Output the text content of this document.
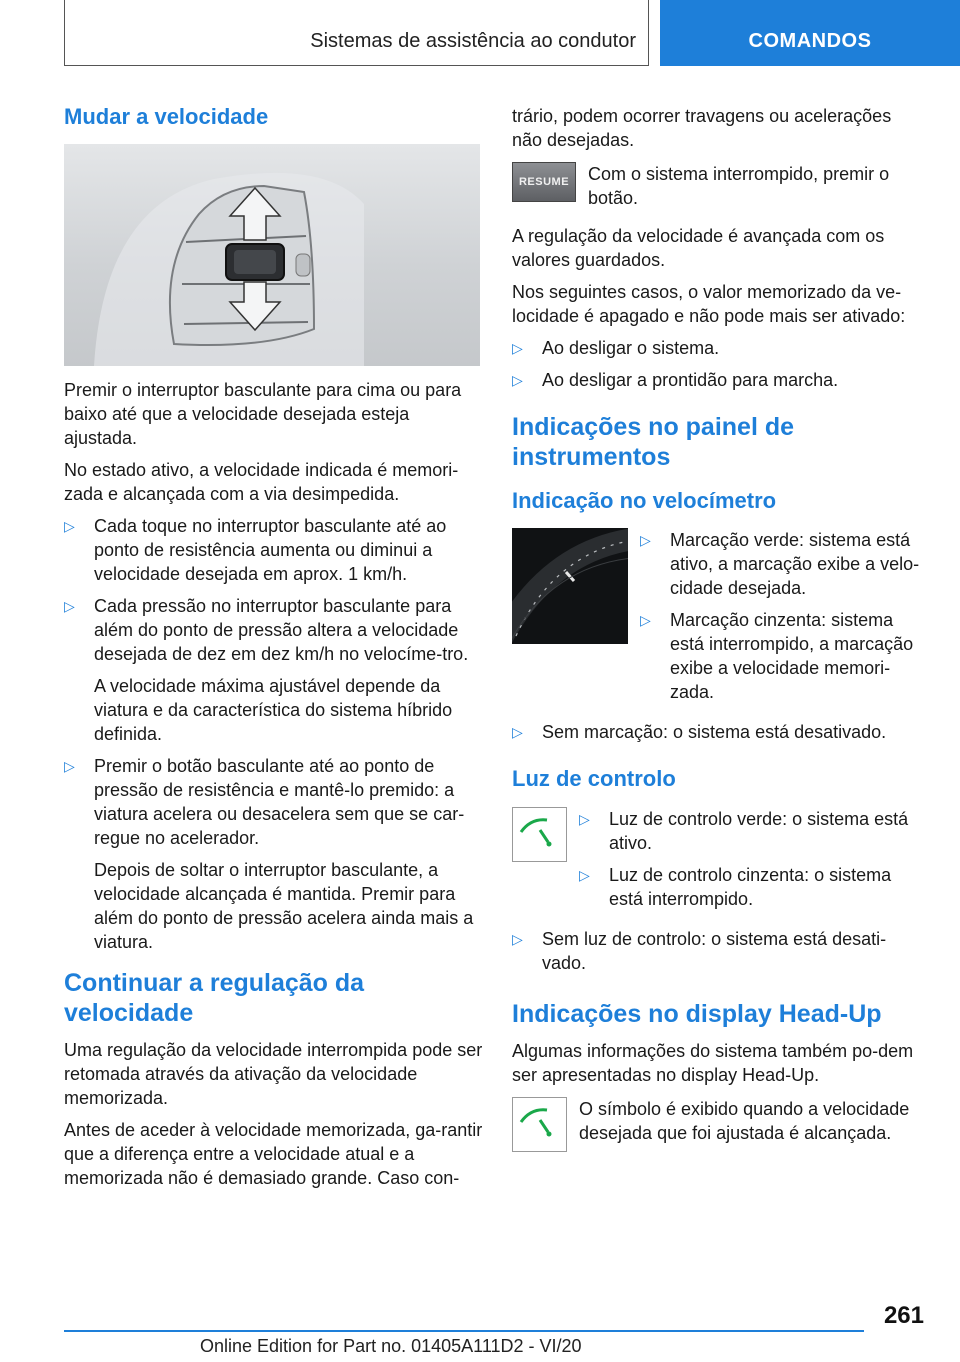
Sistemas de assistência ao condutor	COMANDOS
Mudar a velocidade

Premir o interruptor basculante para cima ou para baixo até que a velocidade desejada esteja ajustada.

No estado ativo, a velocidade indicada é memori-zada e alcançada com a via desimpedida.

▷ Cada toque no interruptor basculante até ao ponto de resistência aumenta ou diminui a velocidade desejada em aprox. 1 km/h.
▷ Cada pressão no interruptor basculante para além do ponto de pressão altera a velocidade desejada de dez em dez km/h no velocíme-tro.

A velocidade máxima ajustável depende da viatura e da característica do sistema híbrido definida.

▷ Premir o botão basculante até ao ponto de pressão de resistência e mantê-lo premido: a viatura acelera ou desacelera sem que se car-regue no acelerador.

Depois de soltar o interruptor basculante, a velocidade alcançada é mantida. Premir para além do ponto de pressão acelera ainda mais a viatura.

Continuar a regulação da velocidade

Uma regulação da velocidade interrompida pode ser retomada através da ativação da velocidade memorizada.

Antes de aceder à velocidade memorizada, ga-rantir que a diferença entre a velocidade atual e a memorizada não é demasiado grande. Caso con-

trário, podem ocorrer travagens ou acelerações não desejadas.

RESUME	Com o sistema interrompido, premir o botão.

A regulação da velocidade é avançada com os valores guardados.

Nos seguintes casos, o valor memorizado da ve-locidade é apagado e não pode mais ser ativado:

▷ Ao desligar o sistema.
▷ Ao desligar a prontidão para marcha.
Indicações no painel de instrumentos
Indicação no velocímetro
▷ Marcação verde: sistema está ativo, a marcação exibe a velo-cidade desejada.
▷ Marcação cinzenta: sistema está interrompido, a marcação exibe a velocidade memori-zada.
▷ Sem marcação: o sistema está desativado.
Luz de controlo
▷ Luz de controlo verde: o sistema está ativo.
▷ Luz de controlo cinzenta: o sistema está interrompido.
▷ Sem luz de controlo: o sistema está desati-vado.
Indicações no display Head-Up

Algumas informações do sistema também po-dem ser apresentadas no display Head-Up.

O símbolo é exibido quando a velocidade desejada que foi ajustada é alcançada.
261
Online Edition for Part no. 01405A111D2 - VI/20
